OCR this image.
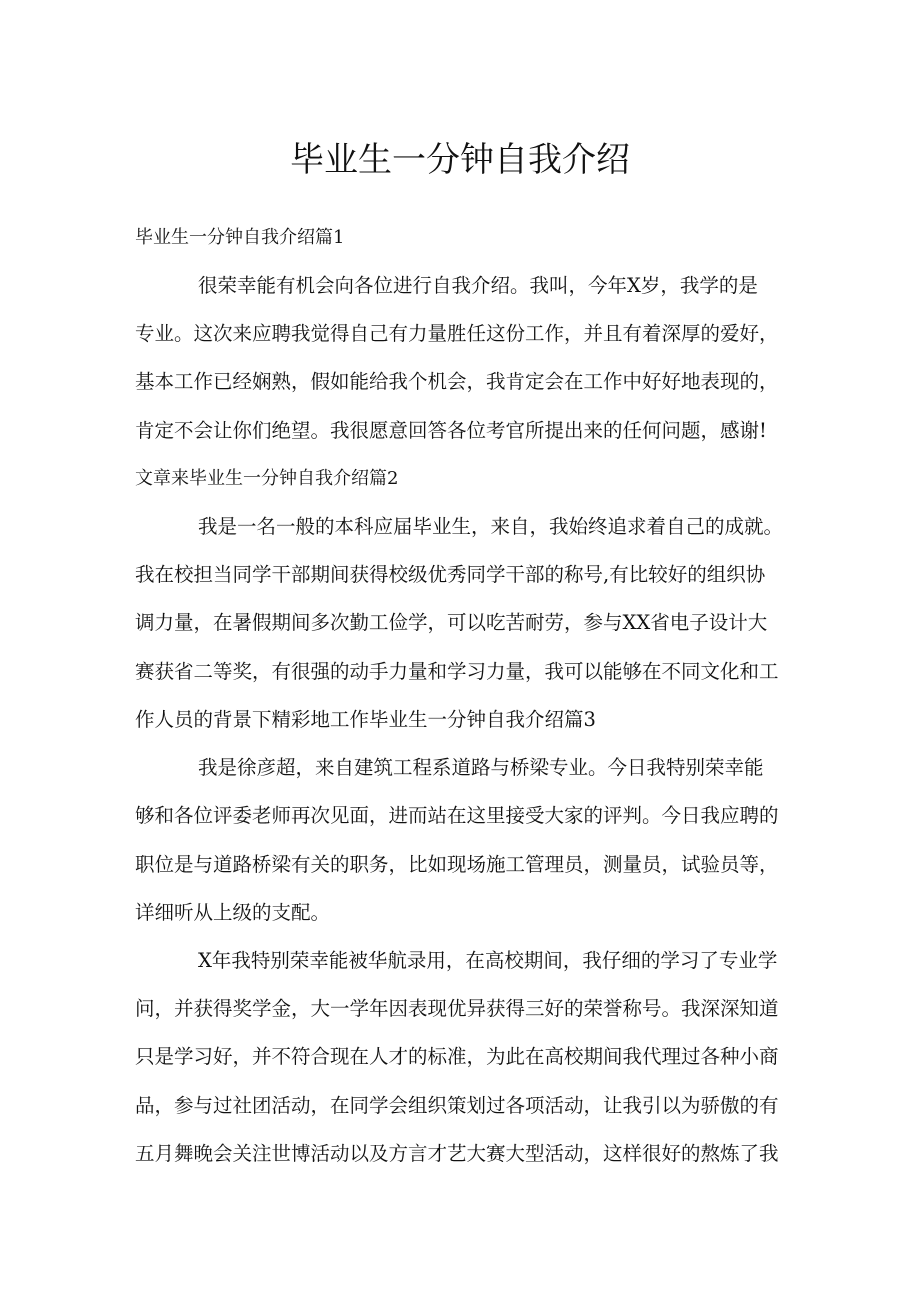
毕业生一分钟自我介绍

毕业生一分钟自我介绍篇1

很荣幸能有机会向各位进行自我介绍。我叫，今年X岁，我学的是

专业。这次来应聘我觉得自己有力量胜任这份工作，并且有着深厚的爱好，

基本工作已经娴熟，假如能给我个机会，我肯定会在工作中好好地表现的，

肯定不会让你们绝望。我很愿意回答各位考官所提出来的任何问题，感谢!

文章来毕业生一分钟自我介绍篇2

我是一名一般的本科应届毕业生，来自，我始终追求着自己的成就。

我在校担当同学干部期间获得校级优秀同学干部的称号,有比较好的组织协

调力量，在暑假期间多次勤工俭学，可以吃苦耐劳，参与XX省电子设计大

赛获省二等奖，有很强的动手力量和学习力量，我可以能够在不同文化和工

作人员的背景下精彩地工作毕业生一分钟自我介绍篇3

我是徐彦超，来自建筑工程系道路与桥梁专业。今日我特别荣幸能

够和各位评委老师再次见面，进而站在这里接受大家的评判。今日我应聘的

职位是与道路桥梁有关的职务，比如现场施工管理员，测量员，试验员等，

详细听从上级的支配。

X年我特别荣幸能被华航录用，在高校期间，我仔细的学习了专业学

问，并获得奖学金，大一学年因表现优异获得三好的荣誉称号。我深深知道

只是学习好，并不符合现在人才的标准，为此在高校期间我代理过各种小商

品，参与过社团活动，在同学会组织策划过各项活动，让我引以为骄傲的有

五月舞晚会关注世博活动以及方言才艺大赛大型活动，这样很好的熬炼了我
